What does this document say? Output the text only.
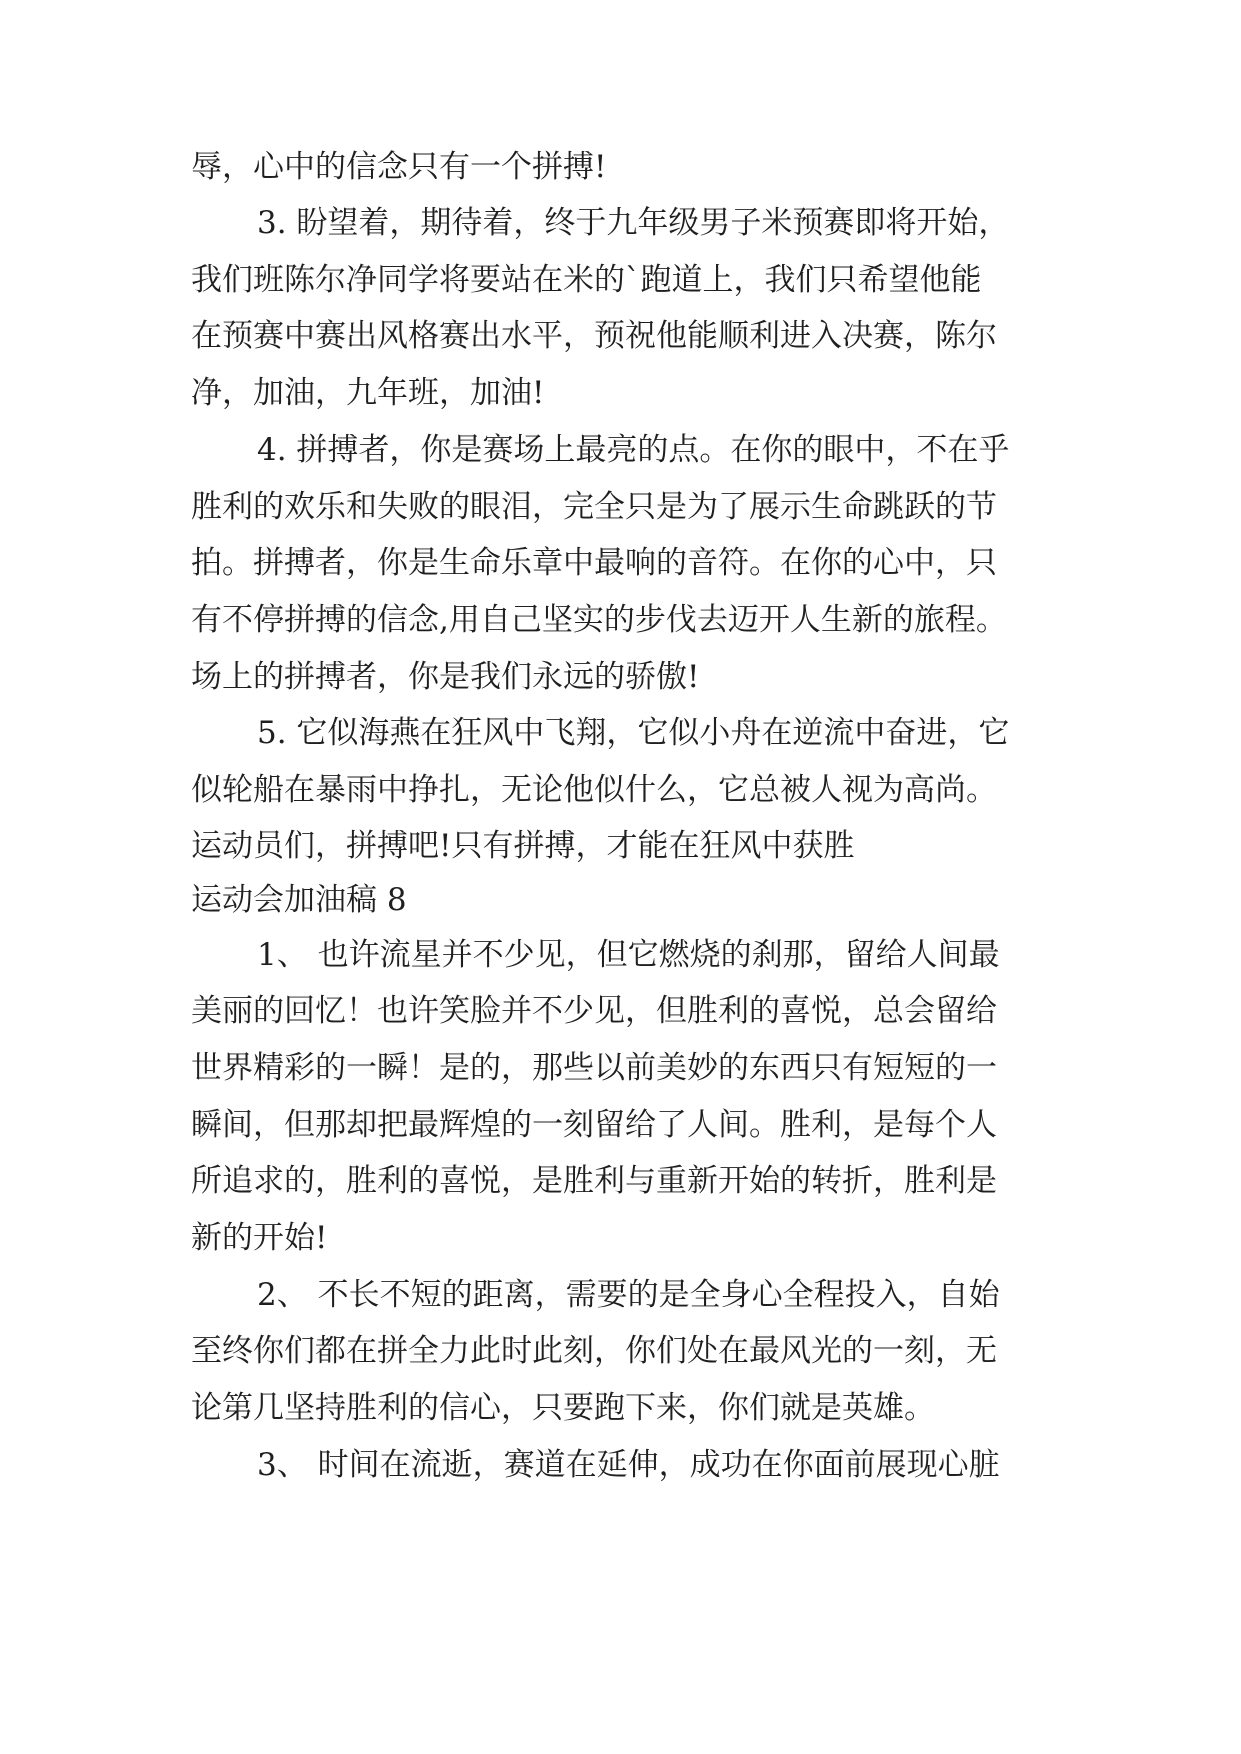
辱，心中的信念只有一个拼搏!
3. 盼望着，期待着，终于九年级男子米预赛即将开始，
我们班陈尔净同学将要站在米的`跑道上，我们只希望他能
在预赛中赛出风格赛出水平，预祝他能顺利进入决赛，陈尔
净，加油，九年班，加油!
4. 拼搏者，你是赛场上最亮的点。在你的眼中，不在乎
胜利的欢乐和失败的眼泪，完全只是为了展示生命跳跃的节
拍。拼搏者，你是生命乐章中最响的音符。在你的心中，只
有不停拼搏的信念,用自己坚实的步伐去迈开人生新的旅程。
场上的拼搏者，你是我们永远的骄傲!
5. 它似海燕在狂风中飞翔，它似小舟在逆流中奋进，它
似轮船在暴雨中挣扎，无论他似什么，它总被人视为高尚。
运动员们，拼搏吧!只有拼搏，才能在狂风中获胜
运动会加油稿 8
1、 也许流星并不少见，但它燃烧的刹那，留给人间最
美丽的回忆！也许笑脸并不少见，但胜利的喜悦，总会留给
世界精彩的一瞬！是的，那些以前美妙的东西只有短短的一
瞬间，但那却把最辉煌的一刻留给了人间。胜利，是每个人
所追求的，胜利的喜悦，是胜利与重新开始的转折，胜利是
新的开始!
2、 不长不短的距离，需要的是全身心全程投入，自始
至终你们都在拼全力此时此刻，你们处在最风光的一刻，无
论第几坚持胜利的信心，只要跑下来，你们就是英雄。
3、 时间在流逝，赛道在延伸，成功在你面前展现心脏
